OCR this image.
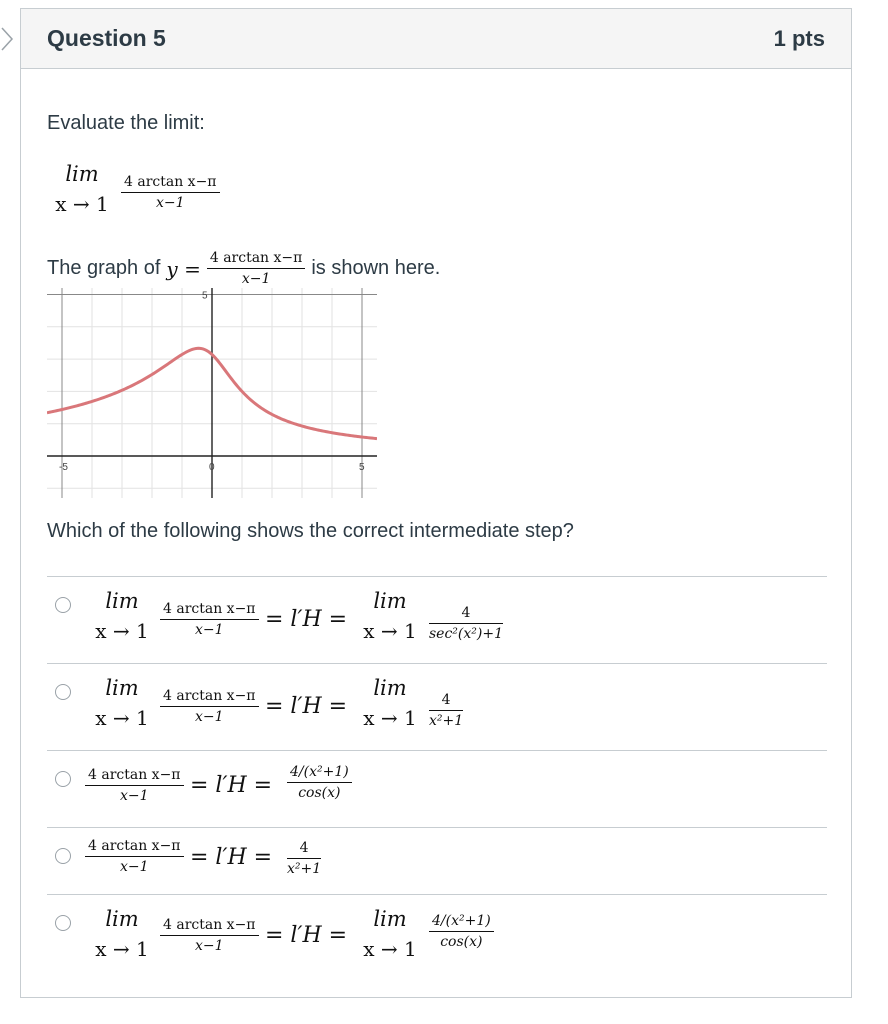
Question 5	1 pts
Evaluate the limit:
lim
$x \to 1 \frac{\text{4 arctan x−π}}{x-1}$
The graph of $y = \frac{\text{4 arctan x−π}}{x-1}$ is shown here.
-5	0	5
5
Which of the following shows the correct intermediate step?
lim
$x \to 1 \frac{\text{4 arctan x−π}}{x-1} = l'H$ =
lim
x → 1
4
sec²(x²)+1
lim
$x \to 1 \frac{\text{4 arctan x−π}}{x-1} = l'H$ =
lim
$x \to 1 \frac{4}{\text{x²+1}}$
$\frac{\text{4 arctan x−π}}{x-1} = l'H = \frac{\text{4/(x²+1)}}{\cos(x)}$
$\frac{\text{4 arctan x−π}}{x-1} = l'H = \frac{4}{\text{x²+1}}$
lim
$x \to 1 \frac{\text{4 arctan x−π}}{x-1} = l'H$ =
lim
$x \to 1 \frac{\text{4/(x²+1)}}{\cos(x)}$
